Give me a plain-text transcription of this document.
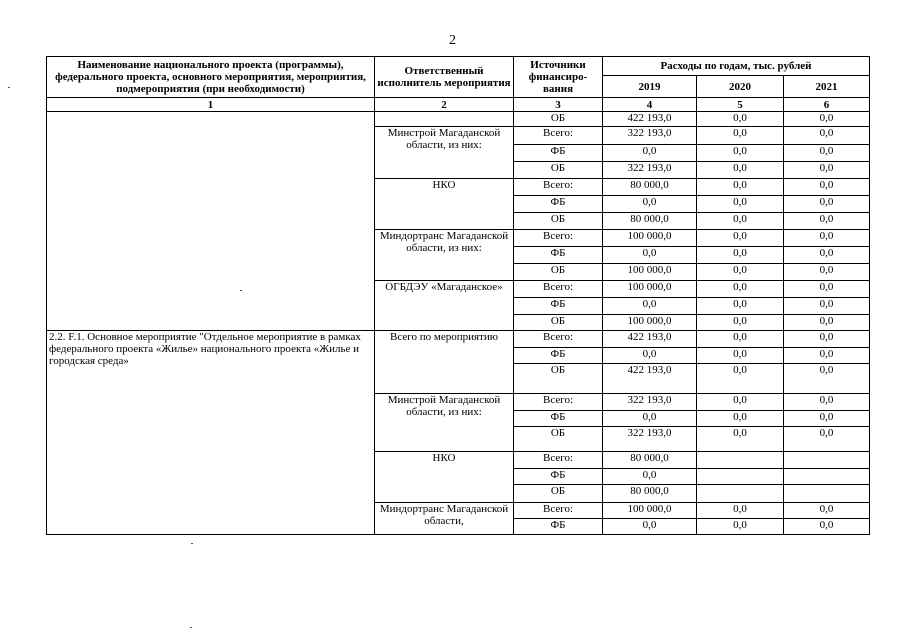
2
Наименование национального проекта (программы), федерального проекта, основного мероприятия, мероприятия, подмероприятия (при необходимости)	Ответственный исполнитель мероприятия	Источники финансиро-вания	Расходы по годам, тыс. рублей		
			2019	2020	2021
1	2	3	4	5	6
		ОБ	422 193,0	0,0	0,0
	Минстрой Магаданской области, из них:	Всего:	322 193,0	0,0	0,0
		ФБ	0,0	0,0	0,0
		ОБ	322 193,0	0,0	0,0
	НКО	Всего:	80 000,0	0,0	0,0
		ФБ	0,0	0,0	0,0
		ОБ	80 000,0	0,0	0,0
	Миндортранс Магаданской области, из них:	Всего:	100 000,0	0,0	0,0
		ФБ	0,0	0,0	0,0
		ОБ	100 000,0	0,0	0,0
	ОГБДЭУ «Магаданское»	Всего:	100 000,0	0,0	0,0
		ФБ	0,0	0,0	0,0
		ОБ	100 000,0	0,0	0,0
2.2. F.1. Основное мероприятие "Отдельное мероприятие в рамках федерального проекта «Жилье» национального проекта «Жилье и городская среда»	Всего по мероприятию	Всего:	422 193,0	0,0	0,0
		ФБ	0,0	0,0	0,0
		ОБ	422 193,0	0,0	0,0
	Минстрой Магаданской области, из них:	Всего:	322 193,0	0,0	0,0
		ФБ	0,0	0,0	0,0
		ОБ	322 193,0	0,0	0,0
	НКО	Всего:	80 000,0		
		ФБ	0,0		
		ОБ	80 000,0		
	Миндортранс Магаданской области,	Всего:	100 000,0	0,0	0,0
		ФБ	0,0	0,0	0,0
